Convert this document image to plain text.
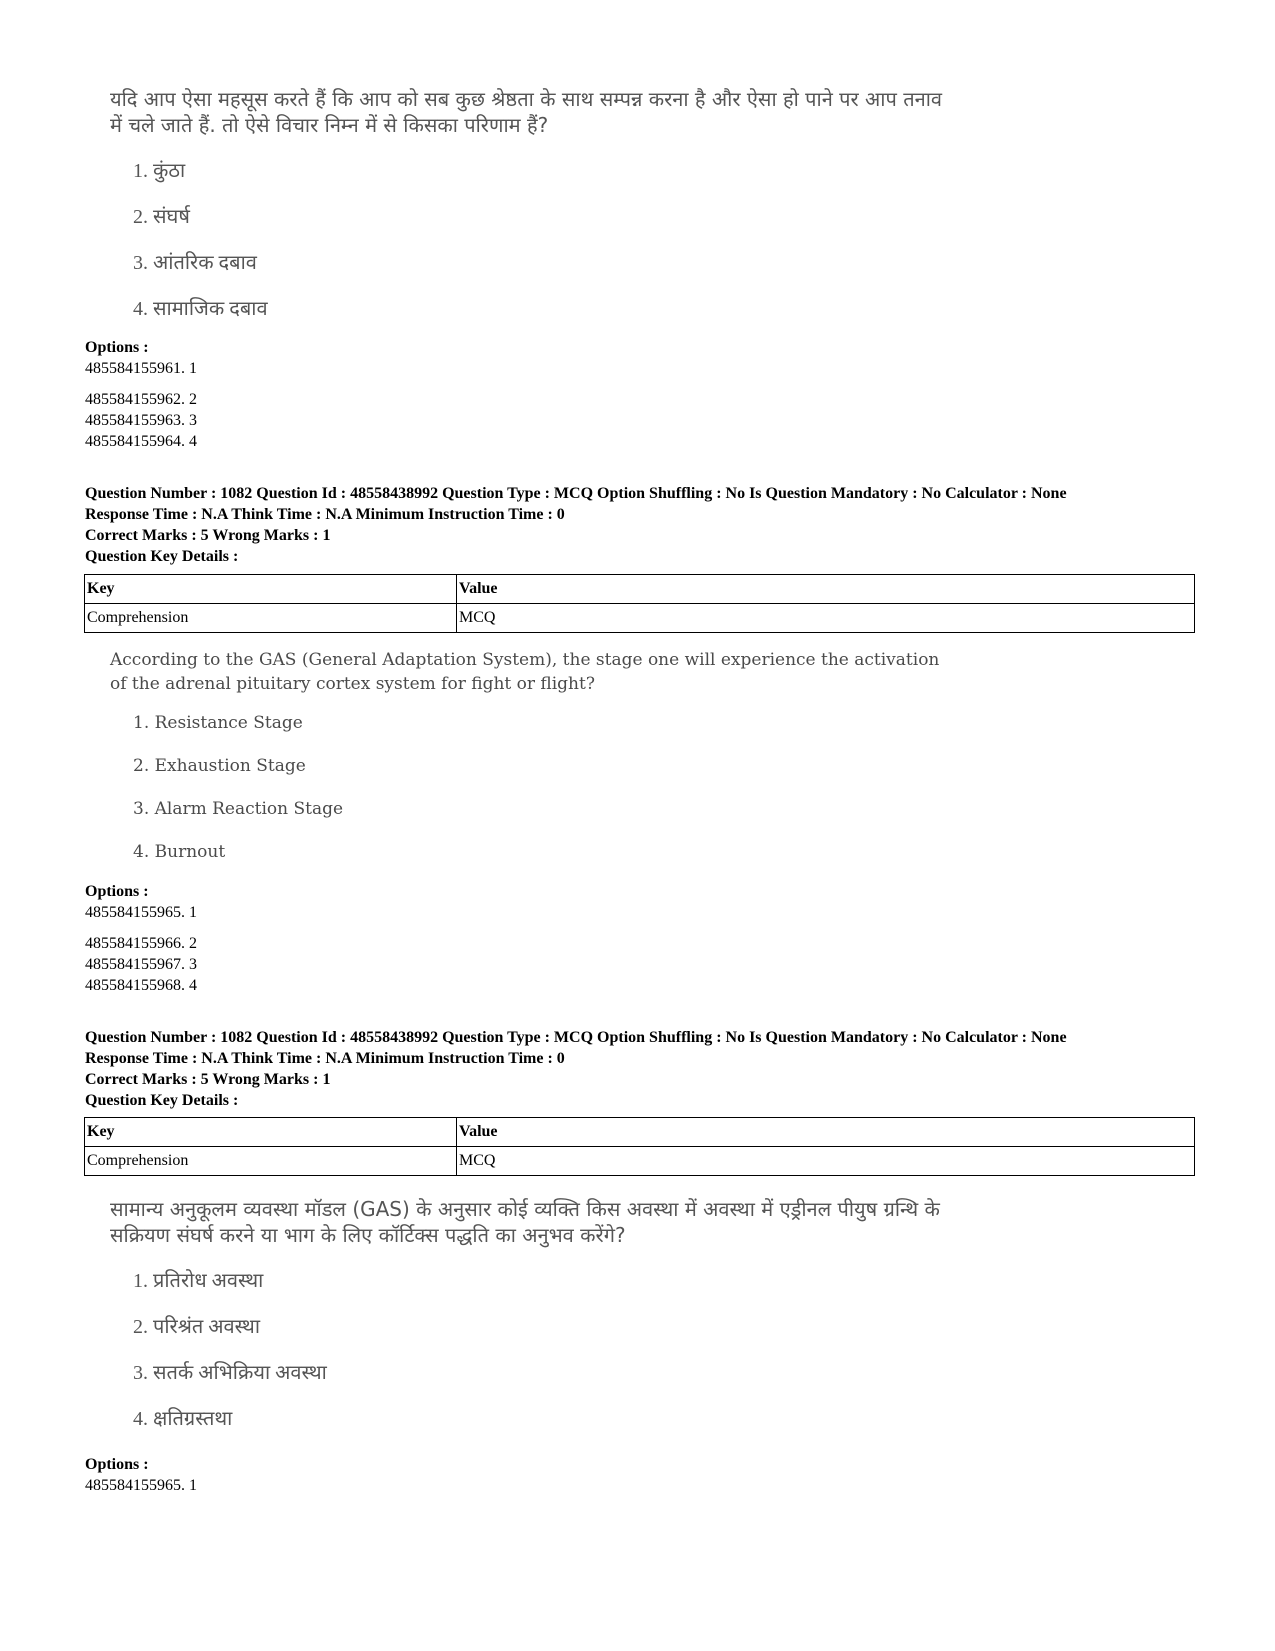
यदि आप ऐसा महसूस करते हैं कि आप को सब कुछ श्रेष्ठता के साथ सम्पन्न करना है और ऐसा हो पाने पर आप तनाव में चले जाते हैं. तो ऐसे विचार निम्न में से किसका परिणाम हैं?
1. कुंठा
2. संघर्ष
3. आंतरिक दबाव
4. सामाजिक दबाव
Options :
485584155961. 1
485584155962. 2
485584155963. 3
485584155964. 4
Question Number : 1082 Question Id : 48558438992 Question Type : MCQ Option Shuffling : No Is Question Mandatory : No Calculator : None
Response Time : N.A Think Time : N.A Minimum Instruction Time : 0
Correct Marks : 5 Wrong Marks : 1
Question Key Details :
Key	Value
Comprehension	MCQ
According to the GAS (General Adaptation System), the stage one will experience the activation of the adrenal pituitary cortex system for fight or flight?
1. Resistance Stage
2. Exhaustion Stage
3. Alarm Reaction Stage
4. Burnout
Options :
485584155965. 1
485584155966. 2
485584155967. 3
485584155968. 4
Question Number : 1082 Question Id : 48558438992 Question Type : MCQ Option Shuffling : No Is Question Mandatory : No Calculator : None
Response Time : N.A Think Time : N.A Minimum Instruction Time : 0
Correct Marks : 5 Wrong Marks : 1
Question Key Details :
Key	Value
Comprehension	MCQ
सामान्य अनुकूलम व्यवस्था मॉडल (GAS) के अनुसार कोई व्यक्ति किस अवस्था में अवस्था में एड्रीनल पीयुष ग्रन्थि के सक्रियण संघर्ष करने या भाग के लिए कॉर्टिक्स पद्धति का अनुभव करेंगे?
1. प्रतिरोध अवस्था
2. परिश्रंत अवस्था
3. सतर्क अभिक्रिया अवस्था
4. क्षतिग्रस्तथा
Options :
485584155965. 1
